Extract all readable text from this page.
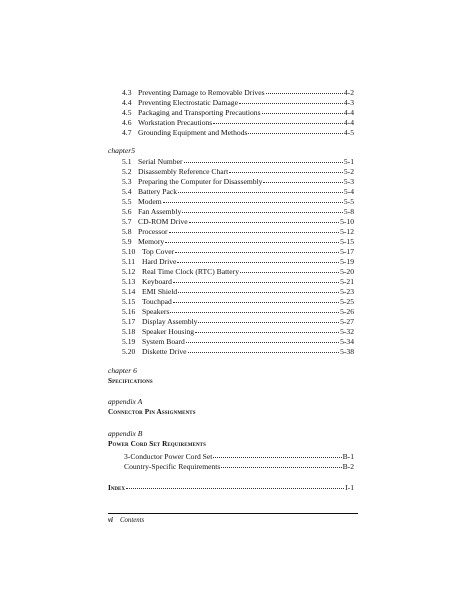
4.3 Preventing Damage to Removable Drives	4-2
4.4 Preventing Electrostatic Damage	4-3
4.5 Packaging and Transporting Precautions	4-4
4.6 Workstation Precautions	4-4
4.7 Grounding Equipment and Methods	4-5
chapter5
5.1 Serial Number	5-1
5.2 Disassembly Reference Chart	5-2
5.3 Preparing the Computer for Disassembly	5-3
5.4 Battery Pack	5-4
5.5 Modem	5-5
5.6 Fan Assembly	5-8
5.7 CD-ROM Drive	5-10
5.8 Processor	5-12
5.9 Memory	5-15
5.10 Top Cover	5-17
5.11 Hard Drive	5-19
5.12 Real Time Clock (RTC) Battery	5-20
5.13 Keyboard	5-21
5.14 EMI Shield	5-23
5.15 Touchpad	5-25
5.16 Speakers	5-26
5.17 Display Assembly	5-27
5.18 Speaker Housing	5-32
5.19 System Board	5-34
5.20 Diskette Drive	5-38
chapter 6
Specifications
appendix A
Connector Pin Assignments
appendix B
Power Cord Set Requirements
3-Conductor Power Cord Set	B-1
Country-Specific Requirements	B-2
Index	I-1
vi Contents
